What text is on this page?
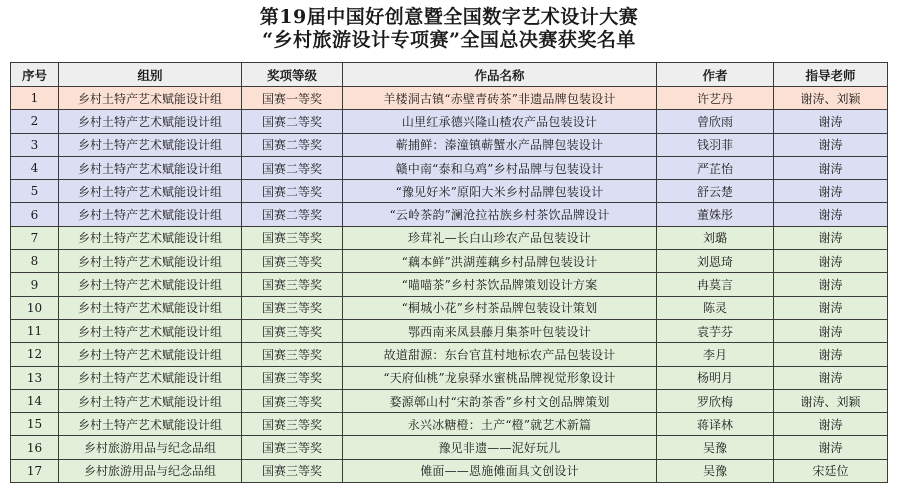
第19届中国好创意暨全国数字艺术设计大赛
“乡村旅游设计专项赛”全国总决赛获奖名单
序号	组别	奖项等级	作品名称	作者	指导老师
1	乡村土特产艺术赋能设计组	国赛一等奖	羊楼洞古镇“赤壁青砖茶”非遗品牌包装设计	许艺丹	谢涛、刘颖
2	乡村土特产艺术赋能设计组	国赛二等奖	山里红承德兴隆山楂农产品包装设计	曾欣雨	谢涛
3	乡村土特产艺术赋能设计组	国赛二等奖	蕲捕鲜：溱潼镇蕲蟹水产品牌包装设计	钱羽菲	谢涛
4	乡村土特产艺术赋能设计组	国赛二等奖	赣中南“泰和乌鸡”乡村品牌与包装设计	严芷怡	谢涛
5	乡村土特产艺术赋能设计组	国赛二等奖	“豫见好米”原阳大米乡村品牌包装设计	舒云楚	谢涛
6	乡村土特产艺术赋能设计组	国赛二等奖	“云岭茶韵”澜沧拉祜族乡村茶饮品牌设计	董姝彤	谢涛
7	乡村土特产艺术赋能设计组	国赛三等奖	珍茸礼—长白山珍农产品包装设计	刘璐	谢涛
8	乡村土特产艺术赋能设计组	国赛三等奖	“藕本鲜”洪湖莲藕乡村品牌包装设计	刘恩琦	谢涛
9	乡村土特产艺术赋能设计组	国赛三等奖	“喵喵茶”乡村茶饮品牌策划设计方案	冉莫言	谢涛
10	乡村土特产艺术赋能设计组	国赛三等奖	“桐城小花”乡村茶品牌包装设计策划	陈灵	谢涛
11	乡村土特产艺术赋能设计组	国赛三等奖	鄂西南来凤县藤月集茶叶包装设计	袁芋芬	谢涛
12	乡村土特产艺术赋能设计组	国赛三等奖	故道甜源：东台官苴村地标农产品包装设计	李月	谢涛
13	乡村土特产艺术赋能设计组	国赛三等奖	“天府仙桃”龙泉驿水蜜桃品牌视觉形象设计	杨明月	谢涛
14	乡村土特产艺术赋能设计组	国赛三等奖	婺源鄣山村“宋韵茶香”乡村文创品牌策划	罗欣梅	谢涛、刘颖
15	乡村土特产艺术赋能设计组	国赛三等奖	永兴冰糖橙：土产“橙”就艺术新篇	蒋译林	谢涛
16	乡村旅游用品与纪念品组	国赛三等奖	豫见非遗——泥好玩儿	吴豫	谢涛
17	乡村旅游用品与纪念品组	国赛三等奖	傩面——恩施傩面具文创设计	吴豫	宋廷位
